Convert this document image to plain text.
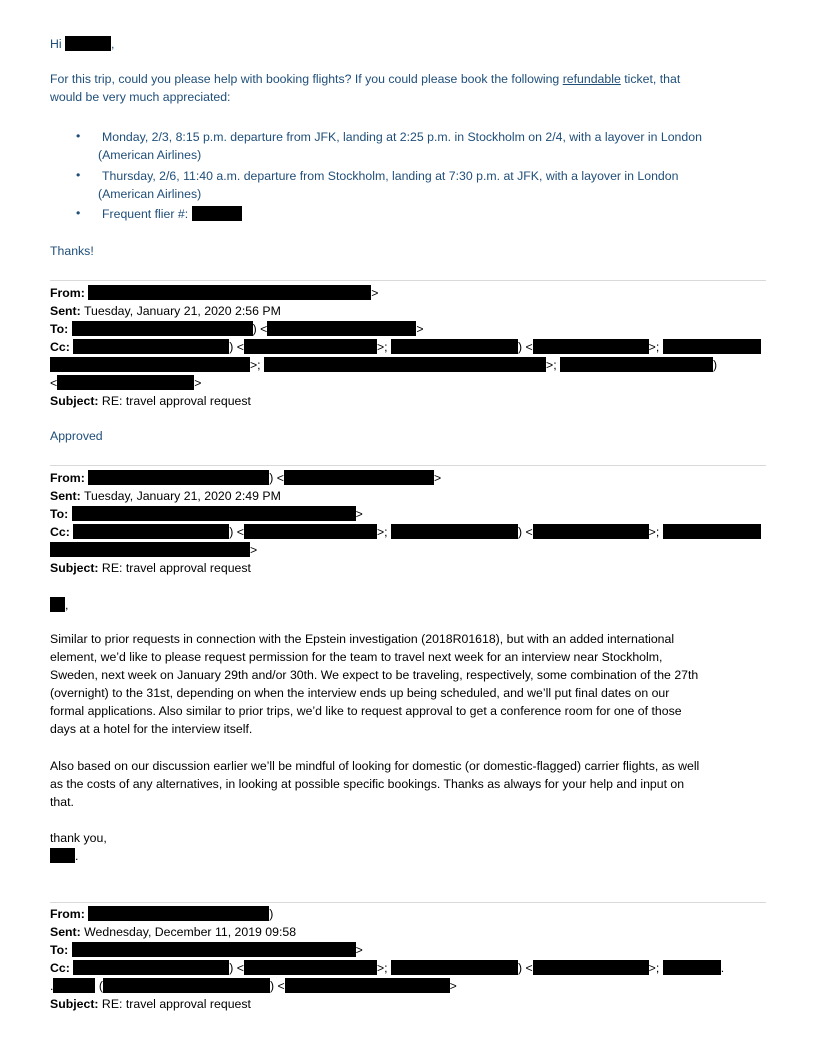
Hi	,
For this trip, could you please help with booking flights? If you could please book the following refundable ticket, that
would be very much appreciated:
• Monday, 2/3, 8:15 p.m. departure from JFK, landing at 2:25 p.m. in Stockholm on 2/4, with a layover in London
(American Airlines)
• Thursday, 2/6, 11:40 a.m. departure from Stockholm, landing at 7:30 p.m. at JFK, with a layover in London
(American Airlines)
• Frequent flier #:
Thanks!
From:	>
Sent: Tuesday, January 21, 2020 2:56 PM
To:	) <	>
Cc:	) <	>;	) <	>;
>;	>;	)
<	>
Subject: RE: travel approval request
Approved
From:	) <	>
Sent: Tuesday, January 21, 2020 2:49 PM
To:	>
Cc:	) <	>;	) <	>;
>
Subject: RE: travel approval request
,
Similar to prior requests in connection with the Epstein investigation (2018R01618), but with an added international
element, we’d like to please request permission for the team to travel next week for an interview near Stockholm,
Sweden, next week on January 29th and/or 30th. We expect to be traveling, respectively, some combination of the 27th
(overnight) to the 31st, depending on when the interview ends up being scheduled, and we’ll put final dates on our
formal applications. Also similar to prior trips, we’d like to request approval to get a conference room for one of those
days at a hotel for the interview itself.
Also based on our discussion earlier we’ll be mindful of looking for domestic (or domestic-flagged) carrier flights, as well
as the costs of any alternatives, in looking at possible specific bookings. Thanks as always for your help and input on
that.
thank you,
.
From:	)
Sent: Wednesday, December 11, 2019 09:58
To:	>
Cc:	) <	>;	) <	>;	.
.	(	) <	>
Subject: RE: travel approval request
